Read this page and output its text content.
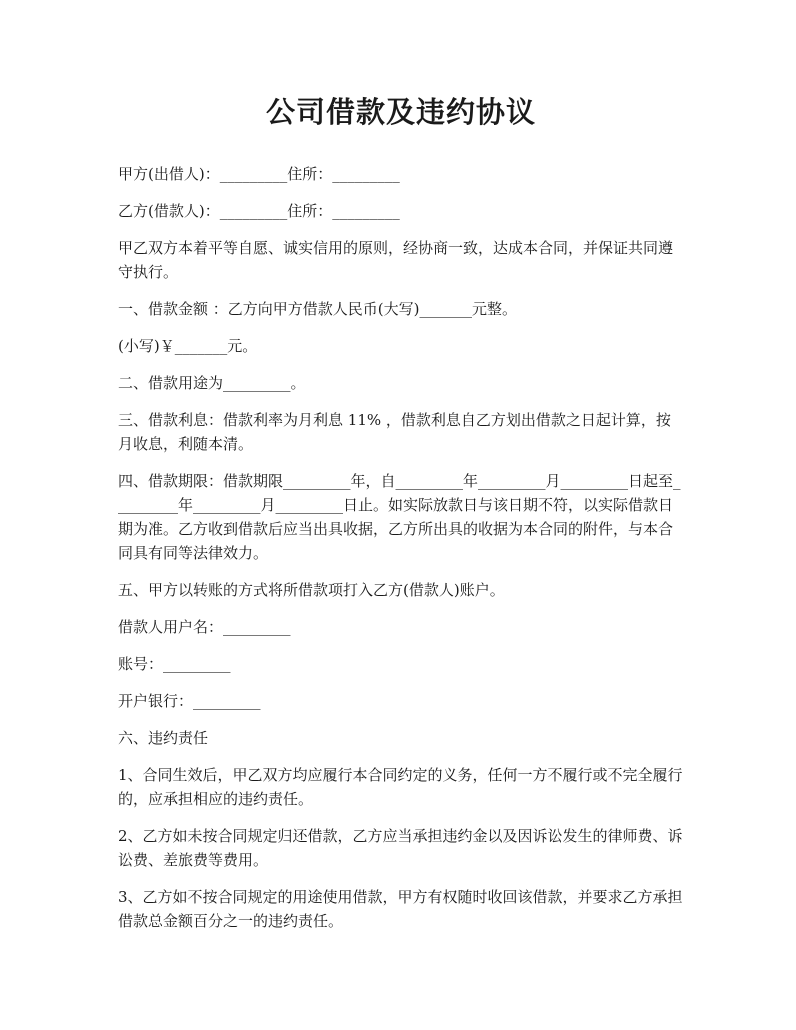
公司借款及违约协议

甲方(出借人)：_________住所：_________

乙方(借款人)：_________住所：_________

甲乙双方本着平等自愿、诚实信用的原则，经协商一致，达成本合同，并保证共同遵守执行。

一、借款金额 ：乙方向甲方借款人民币(大写)_______元整。

(小写)￥_______元。

二、借款用途为_________。

三、借款利息：借款利率为月利息 11% ，借款利息自乙方划出借款之日起计算，按月收息，利随本清。

四、借款期限：借款期限_________年，自_________年_________月_________日起至_________年_________月_________日止。如实际放款日与该日期不符，以实际借款日期为准。乙方收到借款后应当出具收据，乙方所出具的收据为本合同的附件，与本合同具有同等法律效力。

五、甲方以转账的方式将所借款项打入乙方(借款人)账户。

借款人用户名：_________

账号：_________

开户银行：_________

六、违约责任

1、合同生效后，甲乙双方均应履行本合同约定的义务，任何一方不履行或不完全履行的，应承担相应的违约责任。

2、乙方如未按合同规定归还借款，乙方应当承担违约金以及因诉讼发生的律师费、诉讼费、差旅费等费用。

3、乙方如不按合同规定的用途使用借款，甲方有权随时收回该借款，并要求乙方承担借款总金额百分之一的违约责任。
